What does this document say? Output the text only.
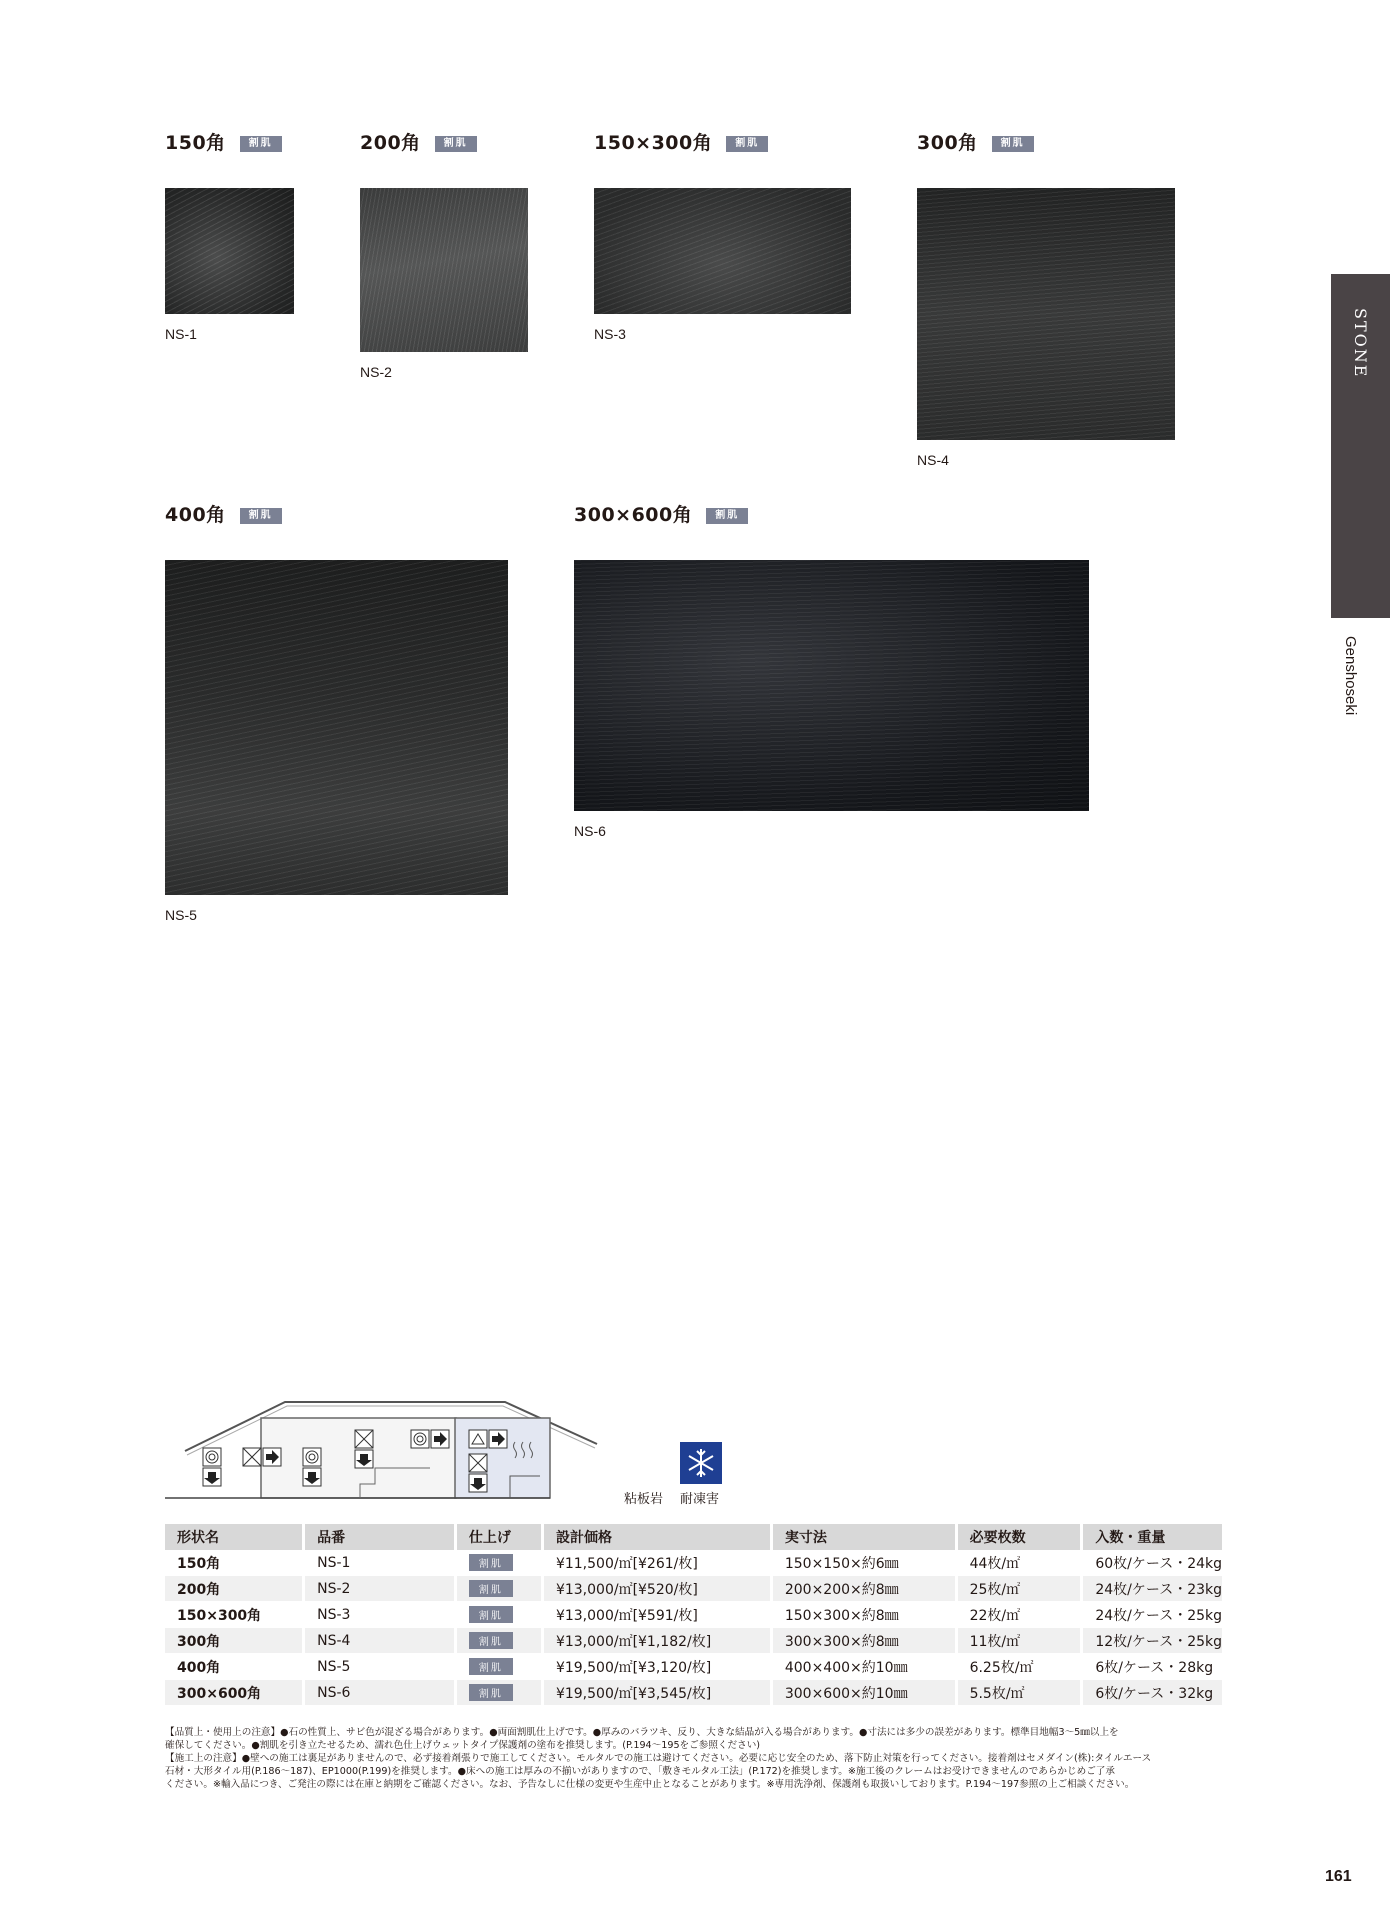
150角 割肌
NS-1
200角 割肌
NS-2
150×300角 割肌
NS-3
300角 割肌
NS-4
400角 割肌
NS-5
300×600角 割肌
NS-6
STONE
Genshoseki
粘板岩 耐凍害
形状名	品番	仕上げ	設計価格	実寸法	必要枚数	入数・重量
150角	NS-1	割肌	¥11,500/㎡[¥261/枚]	150×150×約6㎜	44枚/㎡	60枚/ケース・24kg
200角	NS-2	割肌	¥13,000/㎡[¥520/枚]	200×200×約8㎜	25枚/㎡	24枚/ケース・23kg
150×300角	NS-3	割肌	¥13,000/㎡[¥591/枚]	150×300×約8㎜	22枚/㎡	24枚/ケース・25kg
300角	NS-4	割肌	¥13,000/㎡[¥1,182/枚]	300×300×約8㎜	11枚/㎡	12枚/ケース・25kg
400角	NS-5	割肌	¥19,500/㎡[¥3,120/枚]	400×400×約10㎜	6.25枚/㎡	6枚/ケース・28kg
300×600角	NS-6	割肌	¥19,500/㎡[¥3,545/枚]	300×600×約10㎜	5.5枚/㎡	6枚/ケース・32kg
【品質上・使用上の注意】●石の性質上、サビ色が混ざる場合があります。●両面割肌仕上げです。●厚みのバラツキ、反り、大きな結晶が入る場合があります。●寸法には多少の誤差があります。標準目地幅3～5㎜以上を
確保してください。●割肌を引き立たせるため、濡れ色仕上げウェットタイプ保護剤の塗布を推奨します。(P.194～195をご参照ください)
【施工上の注意】●壁への施工は裏足がありませんので、必ず接着剤張りで施工してください。モルタルでの施工は避けてください。必要に応じ安全のため、落下防止対策を行ってください。接着剤はセメダイン(株):タイルエース
石材・大形タイル用(P.186～187)、EP1000(P.199)を推奨します。●床への施工は厚みの不揃いがありますので、「敷きモルタル工法」(P.172)を推奨します。※施工後のクレームはお受けできませんのであらかじめご了承
ください。※輸入品につき、ご発注の際には在庫と納期をご確認ください。なお、予告なしに仕様の変更や生産中止となることがあります。※専用洗浄剤、保護剤も取扱いしております。P.194～197参照の上ご相談ください。
161
